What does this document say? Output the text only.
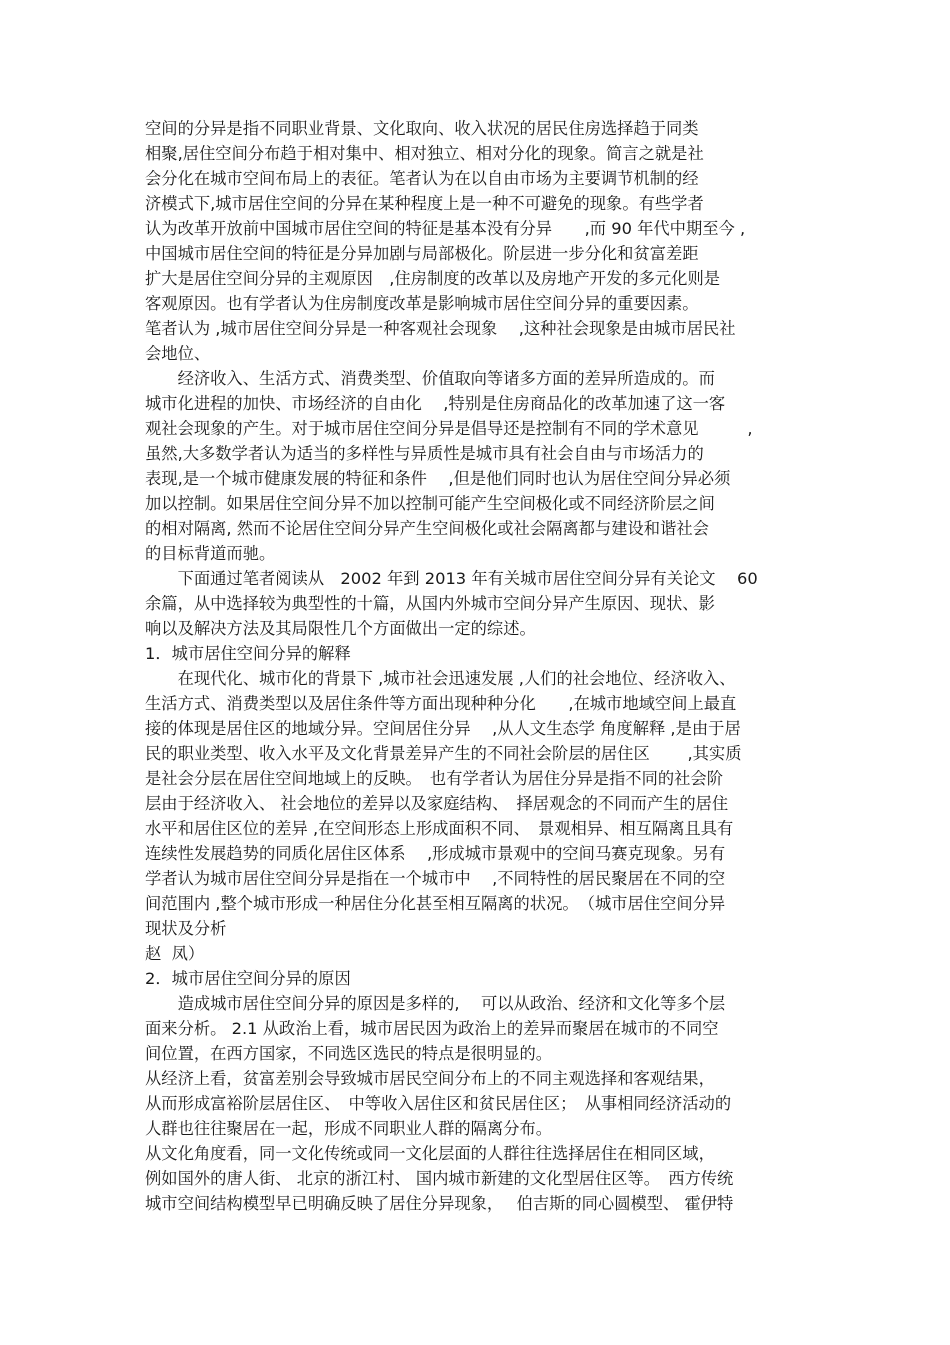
空间的分异是指不同职业背景、文化取向、收入状况的居民住房选择趋于同类

相聚,居住空间分布趋于相对集中、相对独立、相对分化的现象。简言之就是社

会分化在城市空间布局上的表征。笔者认为在以自由市场为主要调节机制的经

济模式下,城市居住空间的分异在某种程度上是一种不可避免的现象。有些学者

认为改革开放前中国城市居住空间的特征是基本没有分异　　,而 90 年代中期至今 ,

中国城市居住空间的特征是分异加剧与局部极化。阶层进一步分化和贫富差距

扩大是居住空间分异的主观原因　,住房制度的改革以及房地产开发的多元化则是

客观原因。也有学者认为住房制度改革是影响城市居住空间分异的重要因素。

笔者认为 ,城市居住空间分异是一种客观社会现象　 ,这种社会现象是由城市居民社

会地位、

　　经济收入、生活方式、消费类型、价值取向等诸多方面的差异所造成的。而

城市化进程的加快、市场经济的自由化　 ,特别是住房商品化的改革加速了这一客

观社会现象的产生。对于城市居住空间分异是倡导还是控制有不同的学术意见　　　,

虽然,大多数学者认为适当的多样性与异质性是城市具有社会自由与市场活力的

表现,是一个城市健康发展的特征和条件　 ,但是他们同时也认为居住空间分异必须

加以控制。如果居住空间分异不加以控制可能产生空间极化或不同经济阶层之间

的相对隔离, 然而不论居住空间分异产生空间极化或社会隔离都与建设和谐社会

的目标背道而驰。

　　下面通过笔者阅读从　2002 年到 2013 年有关城市居住空间分异有关论文　 60

余篇，从中选择较为典型性的十篇，从国内外城市空间分异产生原因、现状、影

响以及解决方法及其局限性几个方面做出一定的综述。

1．城市居住空间分异的解释

　　在现代化、城市化的背景下 ,城市社会迅速发展 ,人们的社会地位、经济收入、

生活方式、消费类型以及居住条件等方面出现种种分化　　,在城市地域空间上最直

接的体现是居住区的地域分异。空间居住分异　 ,从人文生态学 角度解释 ,是由于居

民的职业类型、收入水平及文化背景差异产生的不同社会阶层的居住区　　 ,其实质

是社会分层在居住空间地域上的反映。　也有学者认为居住分异是指不同的社会阶

层由于经济收入、 社会地位的差异以及家庭结构、　择居观念的不同而产生的居住

水平和居住区位的差异 ,在空间形态上形成面积不同、　景观相异、相互隔离且具有

连续性发展趋势的同质化居住区体系　 ,形成城市景观中的空间马赛克现象。另有

学者认为城市居住空间分异是指在一个城市中　 ,不同特性的居民聚居在不同的空

间范围内 ,整个城市形成一种居住分化甚至相互隔离的状况。　（城市居住空间分异

现状及分析

赵  凤）

2．城市居住空间分异的原因

　　造成城市居住空间分异的原因是多样的,　 可以从政治、经济和文化等多个层

面来分析。 2.1 从政治上看，城市居民因为政治上的差异而聚居在城市的不同空

间位置，在西方国家，不同选区选民的特点是很明显的。

从经济上看，贫富差别会导致城市居民空间分布上的不同主观选择和客观结果，

从而形成富裕阶层居住区、　中等收入居住区和贫民居住区；　从事相同经济活动的

人群也往往聚居在一起，形成不同职业人群的隔离分布。

从文化角度看，同一文化传统或同一文化层面的人群往往选择居住在相同区域，

例如国外的唐人街、 北京的浙江村、 国内城市新建的文化型居住区等。　西方传统

城市空间结构模型早已明确反映了居住分异现象，　 伯吉斯的同心圆模型、 霍伊特
